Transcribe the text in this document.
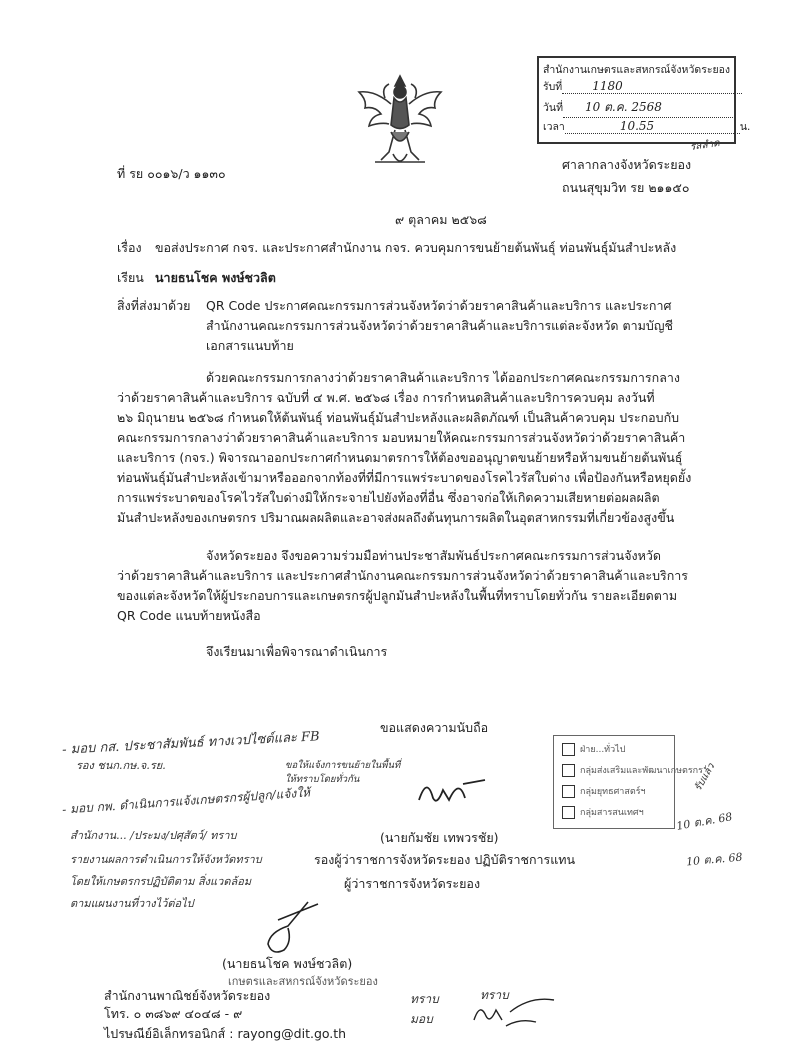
สำนักงานเกษตรและสหกรณ์จังหวัดระยอง
รับที่	1180
วันที่ 10 ต.ค. 2568
เวลา	10.55	น.
รสลำด
ที่ รย ๐๐๑๖/ว ๑๑๓๐
ศาลากลางจังหวัดระยอง
ถนนสุขุมวิท รย ๒๑๑๕๐
๙ ตุลาคม ๒๕๖๘
เรื่อง ขอส่งประกาศ กจร. และประกาศสำนักงาน กจร. ควบคุมการขนย้ายต้นพันธุ์ ท่อนพันธุ์มันสำปะหลัง
เรียน นายธนโชค พงษ์ชวลิต
สิ่งที่ส่งมาด้วย QR Code ประกาศคณะกรรมการส่วนจังหวัดว่าด้วยราคาสินค้าและบริการ และประกาศ
สำนักงานคณะกรรมการส่วนจังหวัดว่าด้วยราคาสินค้าและบริการแต่ละจังหวัด ตามบัญชี
เอกสารแนบท้าย
ด้วยคณะกรรมการกลางว่าด้วยราคาสินค้าและบริการ ได้ออกประกาศคณะกรรมการกลาง
ว่าด้วยราคาสินค้าและบริการ ฉบับที่ ๔ พ.ศ. ๒๕๖๘ เรื่อง การกำหนดสินค้าและบริการควบคุม ลงวันที่
๒๖ มิถุนายน ๒๕๖๘ กำหนดให้ต้นพันธุ์ ท่อนพันธุ์มันสำปะหลังและผลิตภัณฑ์ เป็นสินค้าควบคุม ประกอบกับ
คณะกรรมการกลางว่าด้วยราคาสินค้าและบริการ มอบหมายให้คณะกรรมการส่วนจังหวัดว่าด้วยราคาสินค้า
และบริการ (กจร.) พิจารณาออกประกาศกำหนดมาตรการให้ต้องขออนุญาตขนย้ายหรือห้ามขนย้ายต้นพันธุ์
ท่อนพันธุ์มันสำปะหลังเข้ามาหรือออกจากท้องที่ที่มีการแพร่ระบาดของโรคไวรัสใบด่าง เพื่อป้องกันหรือหยุดยั้ง
การแพร่ระบาดของโรคไวรัสใบด่างมิให้กระจายไปยังท้องที่อื่น ซึ่งอาจก่อให้เกิดความเสียหายต่อผลผลิต
มันสำปะหลังของเกษตรกร ปริมาณผลผลิตและอาจส่งผลถึงต้นทุนการผลิตในอุตสาหกรรมที่เกี่ยวข้องสูงขึ้น
จังหวัดระยอง จึงขอความร่วมมือท่านประชาสัมพันธ์ประกาศคณะกรรมการส่วนจังหวัด
ว่าด้วยราคาสินค้าและบริการ และประกาศสำนักงานคณะกรรมการส่วนจังหวัดว่าด้วยราคาสินค้าและบริการ
ของแต่ละจังหวัดให้ผู้ประกอบการและเกษตรกรผู้ปลูกมันสำปะหลังในพื้นที่ทราบโดยทั่วกัน รายละเอียดตาม
QR Code แนบท้ายหนังสือ
จึงเรียนมาเพื่อพิจารณาดำเนินการ
ขอแสดงความนับถือ
- มอบ กส. ประชาสัมพันธ์ ทางเวปไซต์และ FB
รอง ชนก.กษ.จ.รย.
- มอบ กพ. ดำเนินการแจ้งเกษตรกรผู้ปลูก/แจ้งให้
สำนักงาน... /ประมง/ปศุสัตว์/ ทราบ
รายงานผลการดำเนินการให้จังหวัดทราบ
โดยให้เกษตรกรปฏิบัติตาม สิ่งแวดล้อม
ตามแผนงานที่วางไว้ต่อไป
ขอให้แจ้งการขนย้ายในพื้นที่
ให้ทราบโดยทั่วกัน
(นายกัมชัย เทพวรชัย)
รองผู้ว่าราชการจังหวัดระยอง ปฏิบัติราชการแทน
ผู้ว่าราชการจังหวัดระยอง
ฝ่าย...ทั่วไป
กลุ่มส่งเสริมและพัฒนาเกษตรกร
กลุ่มยุทธศาสตร์ฯ
กลุ่มสารสนเทศฯ
รับแล้ว
10 ต.ค. 68
10 ต.ค. 68
(นายธนโชค พงษ์ชวลิต)
เกษตรและสหกรณ์จังหวัดระยอง
สำนักงานพาณิชย์จังหวัดระยอง
โทร. ๐ ๓๘๖๙ ๔๐๔๘ - ๙
ไปรษณีย์อิเล็กทรอนิกส์ : rayong@dit.go.th
ทราบ
มอบ
ทราบ
